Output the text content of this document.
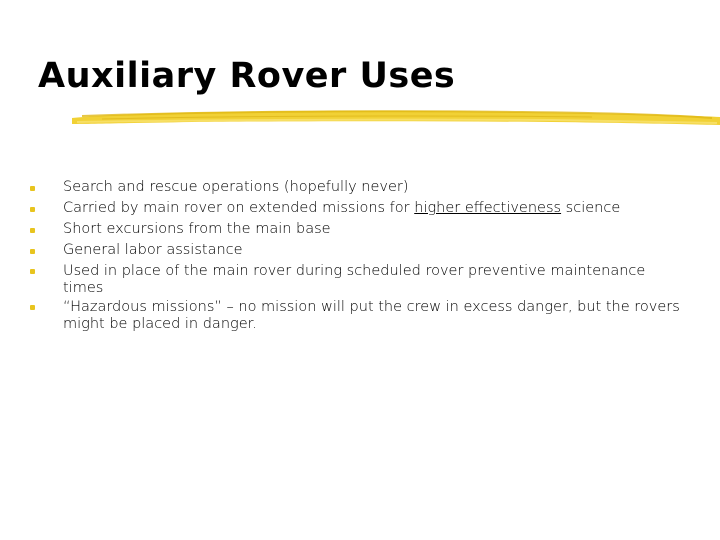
Auxiliary Rover Uses
Search and rescue operations (hopefully never)
Carried by main rover on extended missions for higher effectiveness science
Short excursions from the main base
General labor assistance
Used in place of the main rover during scheduled rover preventive maintenance times
“Hazardous missions” – no mission will put the crew in excess danger, but the rovers might be placed in danger.
